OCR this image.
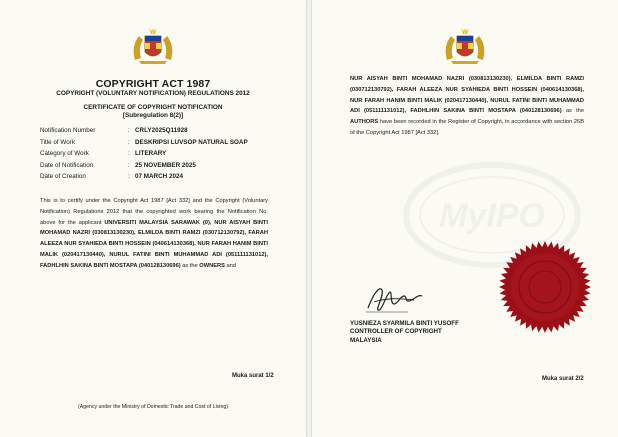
COPYRIGHT ACT 1987
COPYRIGHT (VOLUNTARY NOTIFICATION) REGULATIONS 2012
CERTIFICATE OF COPYRIGHT NOTIFICATION
[Subregulation 8(2)]
Notification Number	: CRLY2025Q11928
Title of Work	: DESKRIPSI LUVSOP NATURAL SOAP
Category of Work	: LITERARY
Date of Notification	: 25 NOVEMBER 2025
Date of Creation	: 07 MARCH 2024
This is to certify under the Copyright Act 1987 [Act 332] and the Copyright (Voluntary Notification) Regulations 2012 that the copyrighted work bearing the Notification No. above for the applicant UNIVERSITI MALAYSIA SARAWAK (0), NUR AISYAH BINTI MOHAMAD NAZRI (030813130230), ELMILDA BINTI RAMZI (030712130792), FARAH ALEEZA NUR SYAHIEDA BINTI HOSSEIN (040614130368), NUR FARAH HANIM BINTI MALIK (020417130440), NURUL FATINI BINTI MUHAMMAD ADI (051111131012), FADHLHIN SAKINA BINTI MOSTAPA (040128130696) as the OWNERS and
Muka surat 1/2
(Agency under the Ministry of Domestic Trade and Cost of Living)
MyIPO
NUR AISYAH BINTI MOHAMAD NAZRI (030813130230), ELMILDA BINTI RAMZI (030712130792), FARAH ALEEZA NUR SYAHIEDA BINTI HOSSEIN (040614130368), NUR FARAH HANIM BINTI MALIK (020417130440), NURUL FATINI BINTI MUHAMMAD ADI (051111131012), FADHLHIN SAKINA BINTI MOSTAPA (040128130696) as the AUTHORS have been recorded in the Register of Copyright, in accordance with section 26B of the Copyright Act 1987 [Act 332].
YUSNIEZA SYARMILA BINTI YUSOFF
CONTROLLER OF COPYRIGHT
MALAYSIA
Muka surat 2/2
